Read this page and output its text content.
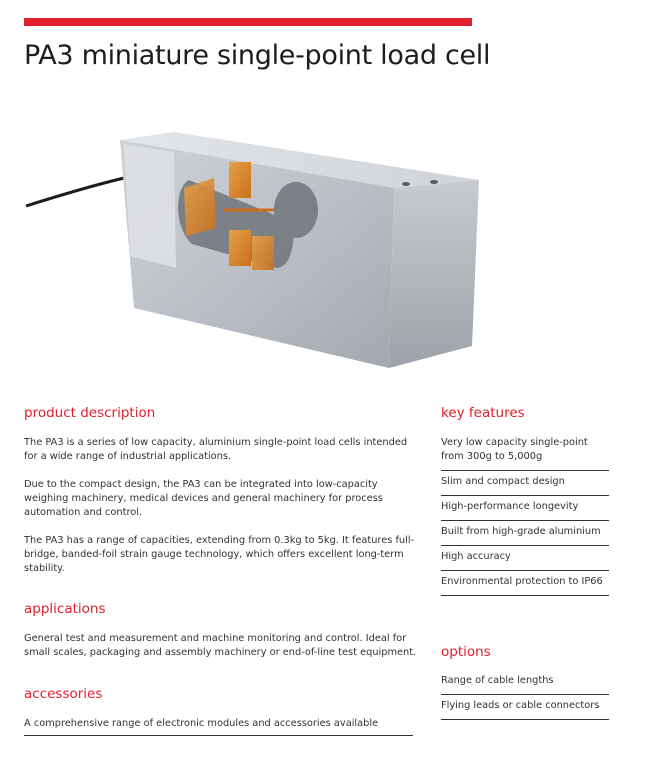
PA3 miniature single-point load cell
product description

The PA3 is a series of low capacity, aluminium single-point load cells intended for a wide range of industrial applications.

Due to the compact design, the PA3 can be integrated into low-capacity weighing machinery, medical devices and general machinery for process automation and control.

The PA3 has a range of capacities, extending from 0.3kg to 5kg. It features full-bridge, banded-foil strain gauge technology, which offers excellent long-term stability.

applications

General test and measurement and machine monitoring and control. Ideal for small scales, packaging and assembly machinery or end-of-line test equipment.

accessories

A comprehensive range of electronic modules and accessories available

key features
Very low capacity single-point from 300g to 5,000g
Slim and compact design
High-performance longevity
Built from high-grade aluminium
High accuracy
Environmental protection to IP66
options
Range of cable lengths
Flying leads or cable connectors
